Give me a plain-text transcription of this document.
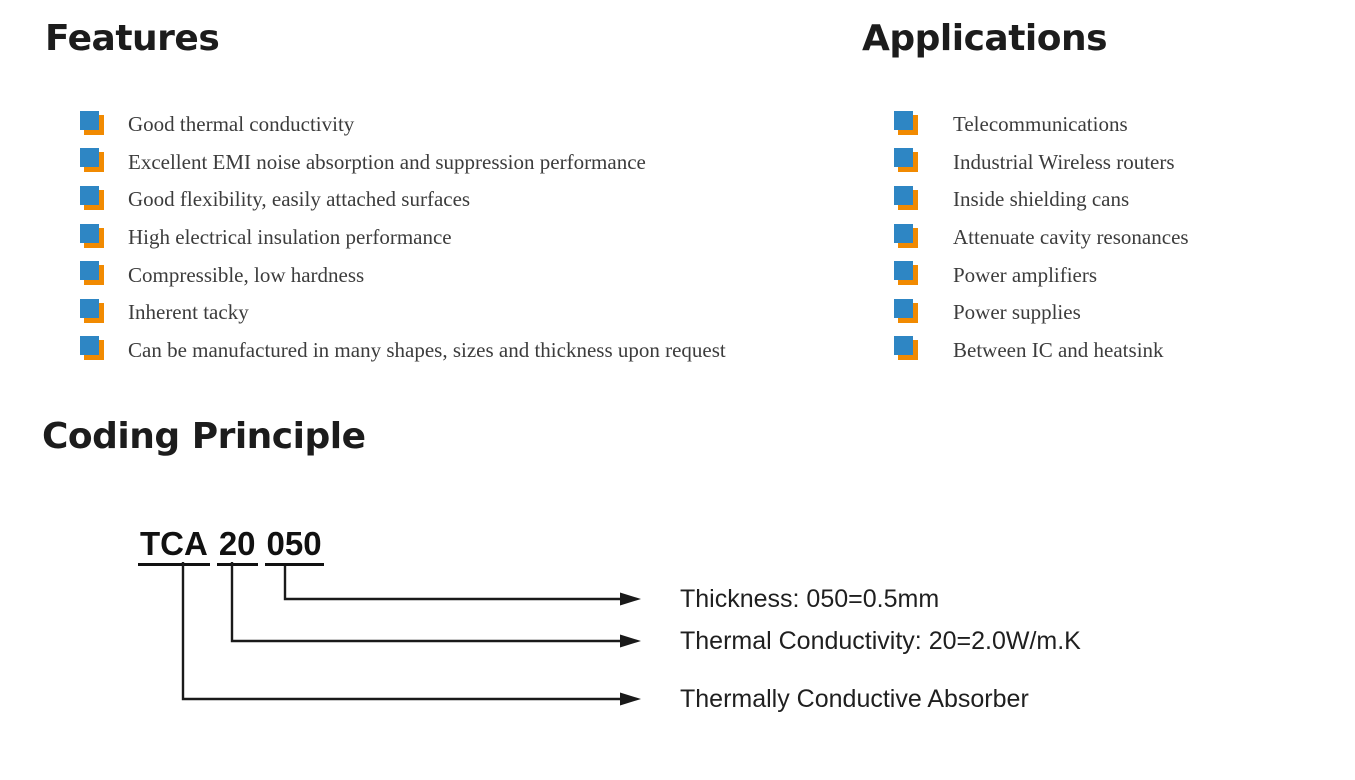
Features
Good thermal conductivity
Excellent EMI noise absorption and suppression performance
Good flexibility, easily attached surfaces
High electrical insulation performance
Compressible, low hardness
Inherent tacky
Can be manufactured in many shapes, sizes and thickness upon request
Applications
Telecommunications
Industrial Wireless routers
Inside shielding cans
Attenuate cavity resonances
Power amplifiers
Power supplies
Between IC and heatsink
Coding Principle
TCA 20 050
Thickness: 050=0.5mm
Thermal Conductivity: 20=2.0W/m.K
Thermally Conductive Absorber
